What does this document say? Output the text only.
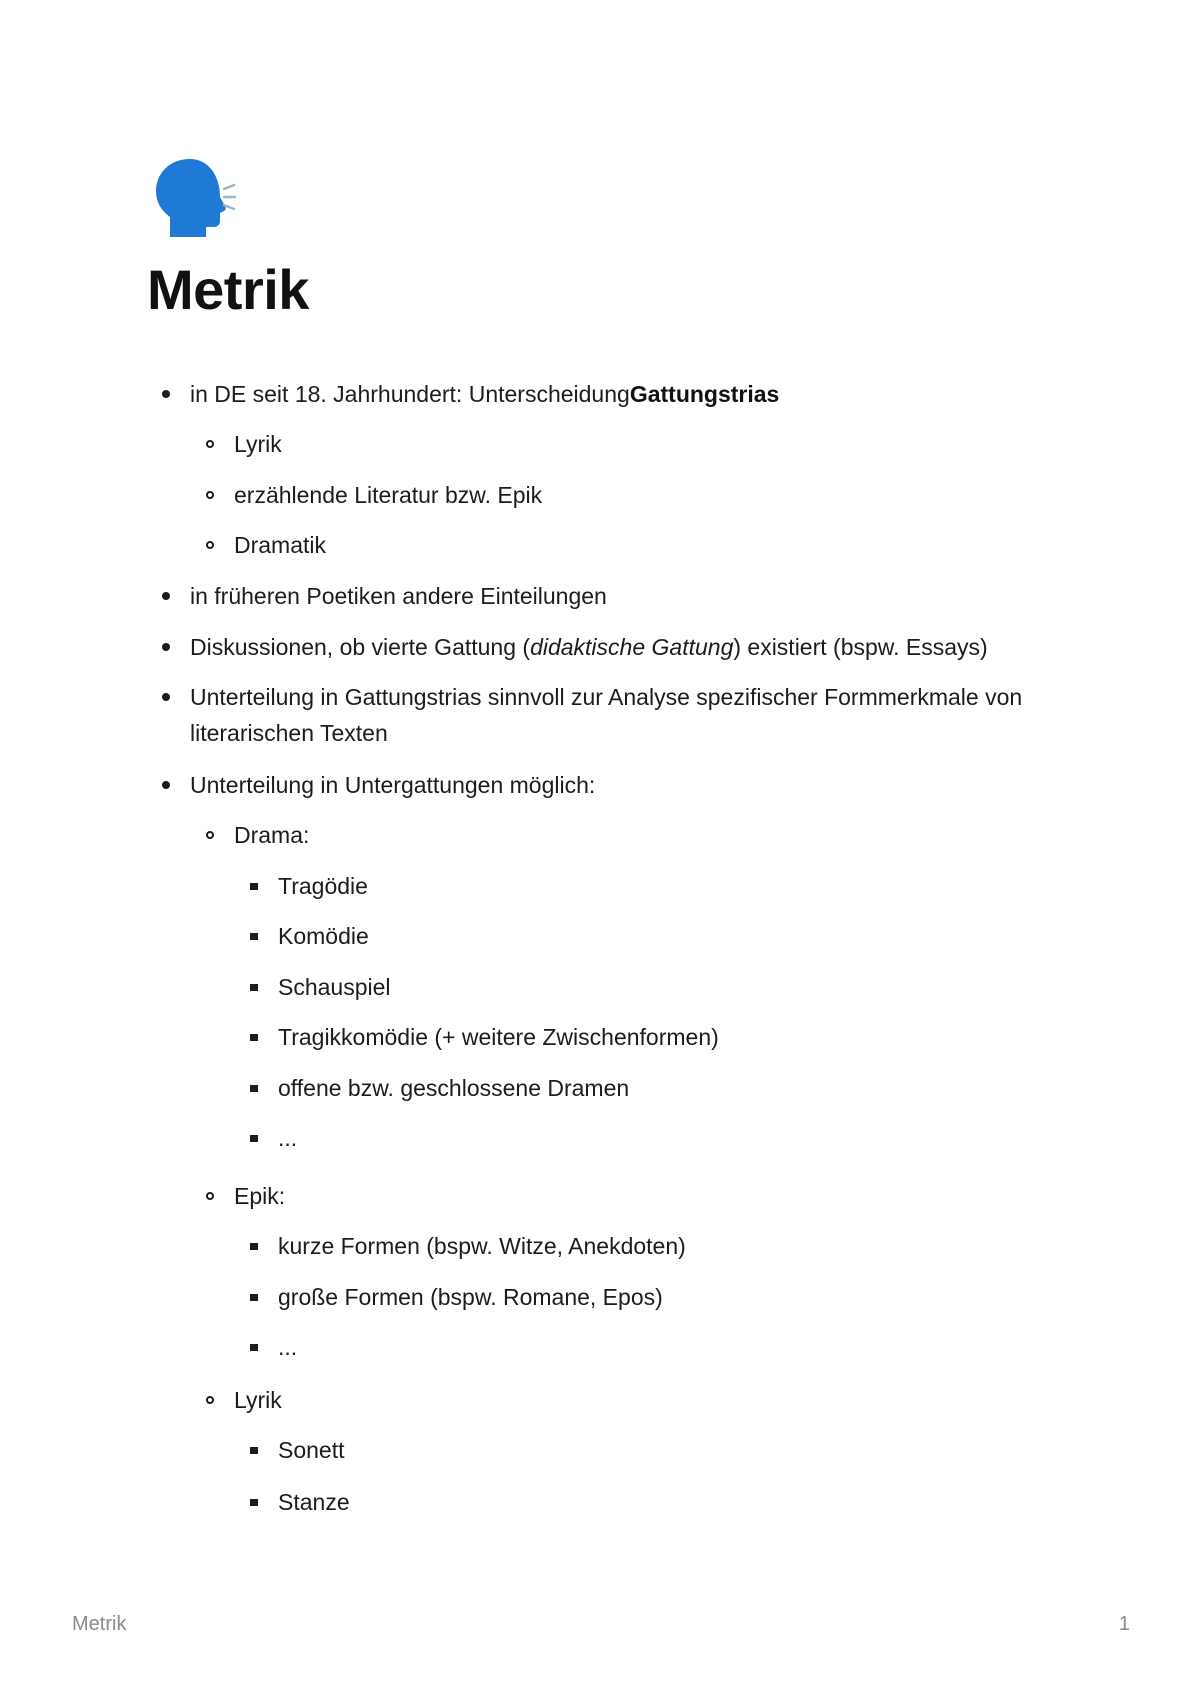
Metrik
in DE seit 18. Jahrhundert: UnterscheidungGattungstrias
Lyrik
erzählende Literatur bzw. Epik
Dramatik
in früheren Poetiken andere Einteilungen
Diskussionen, ob vierte Gattung (didaktische Gattung) existiert (bspw. Essays)
Unterteilung in Gattungstrias sinnvoll zur Analyse spezifischer Formmerkmale von literarischen Texten
Unterteilung in Untergattungen möglich:
Drama:
Tragödie
Komödie
Schauspiel
Tragikkomödie (+ weitere Zwischenformen)
offene bzw. geschlossene Dramen
...
Epik:
kurze Formen (bspw. Witze, Anekdoten)
große Formen (bspw. Romane, Epos)
...
Lyrik
Sonett
Stanze
Metrik	1
